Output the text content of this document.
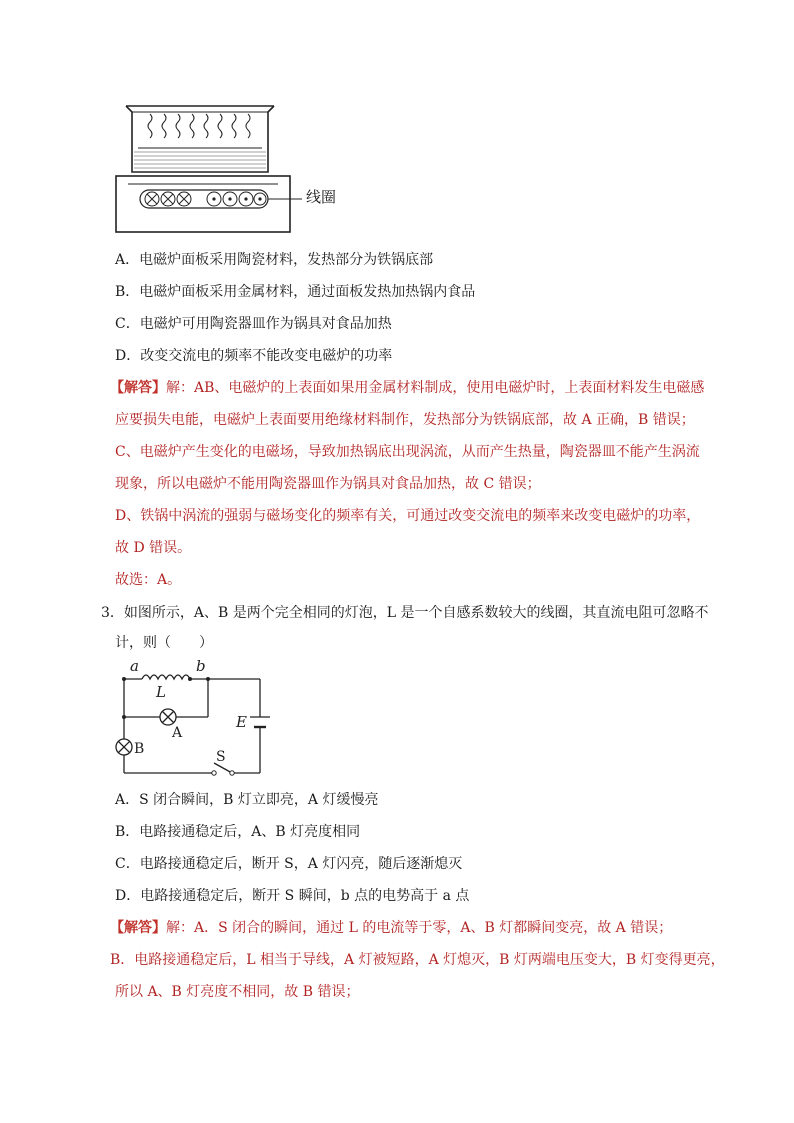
线圈
A．电磁炉面板采用陶瓷材料，发热部分为铁锅底部
B．电磁炉面板采用金属材料，通过面板发热加热锅内食品
C．电磁炉可用陶瓷器皿作为锅具对食品加热
D．改变交流电的频率不能改变电磁炉的功率
【解答】解：AB、电磁炉的上表面如果用金属材料制成，使用电磁炉时，上表面材料发生电磁感
应要损失电能，电磁炉上表面要用绝缘材料制作，发热部分为铁锅底部，故 A 正确，B 错误；
C、电磁炉产生变化的电磁场，导致加热锅底出现涡流，从而产生热量，陶瓷器皿不能产生涡流
现象，所以电磁炉不能用陶瓷器皿作为锅具对食品加热，故 C 错误；
D、铁锅中涡流的强弱与磁场变化的频率有关，可通过改变交流电的频率来改变电磁炉的功率，
故 D 错误。
故选：A。
3．如图所示，A、B 是两个完全相同的灯泡，L 是一个自感系数较大的线圈，其直流电阻可忽略不
计，则（　　）
a	b
L
E
A
B	S
A．S 闭合瞬间，B 灯立即亮，A 灯缓慢亮
B．电路接通稳定后，A、B 灯亮度相同
C．电路接通稳定后，断开 S，A 灯闪亮，随后逐渐熄灭
D．电路接通稳定后，断开 S 瞬间，b 点的电势高于 a 点
【解答】解：A．S 闭合的瞬间，通过 L 的电流等于零，A、B 灯都瞬间变亮，故 A 错误；
B．电路接通稳定后，L 相当于导线，A 灯被短路，A 灯熄灭，B 灯两端电压变大，B 灯变得更亮，
所以 A、B 灯亮度不相同，故 B 错误；
